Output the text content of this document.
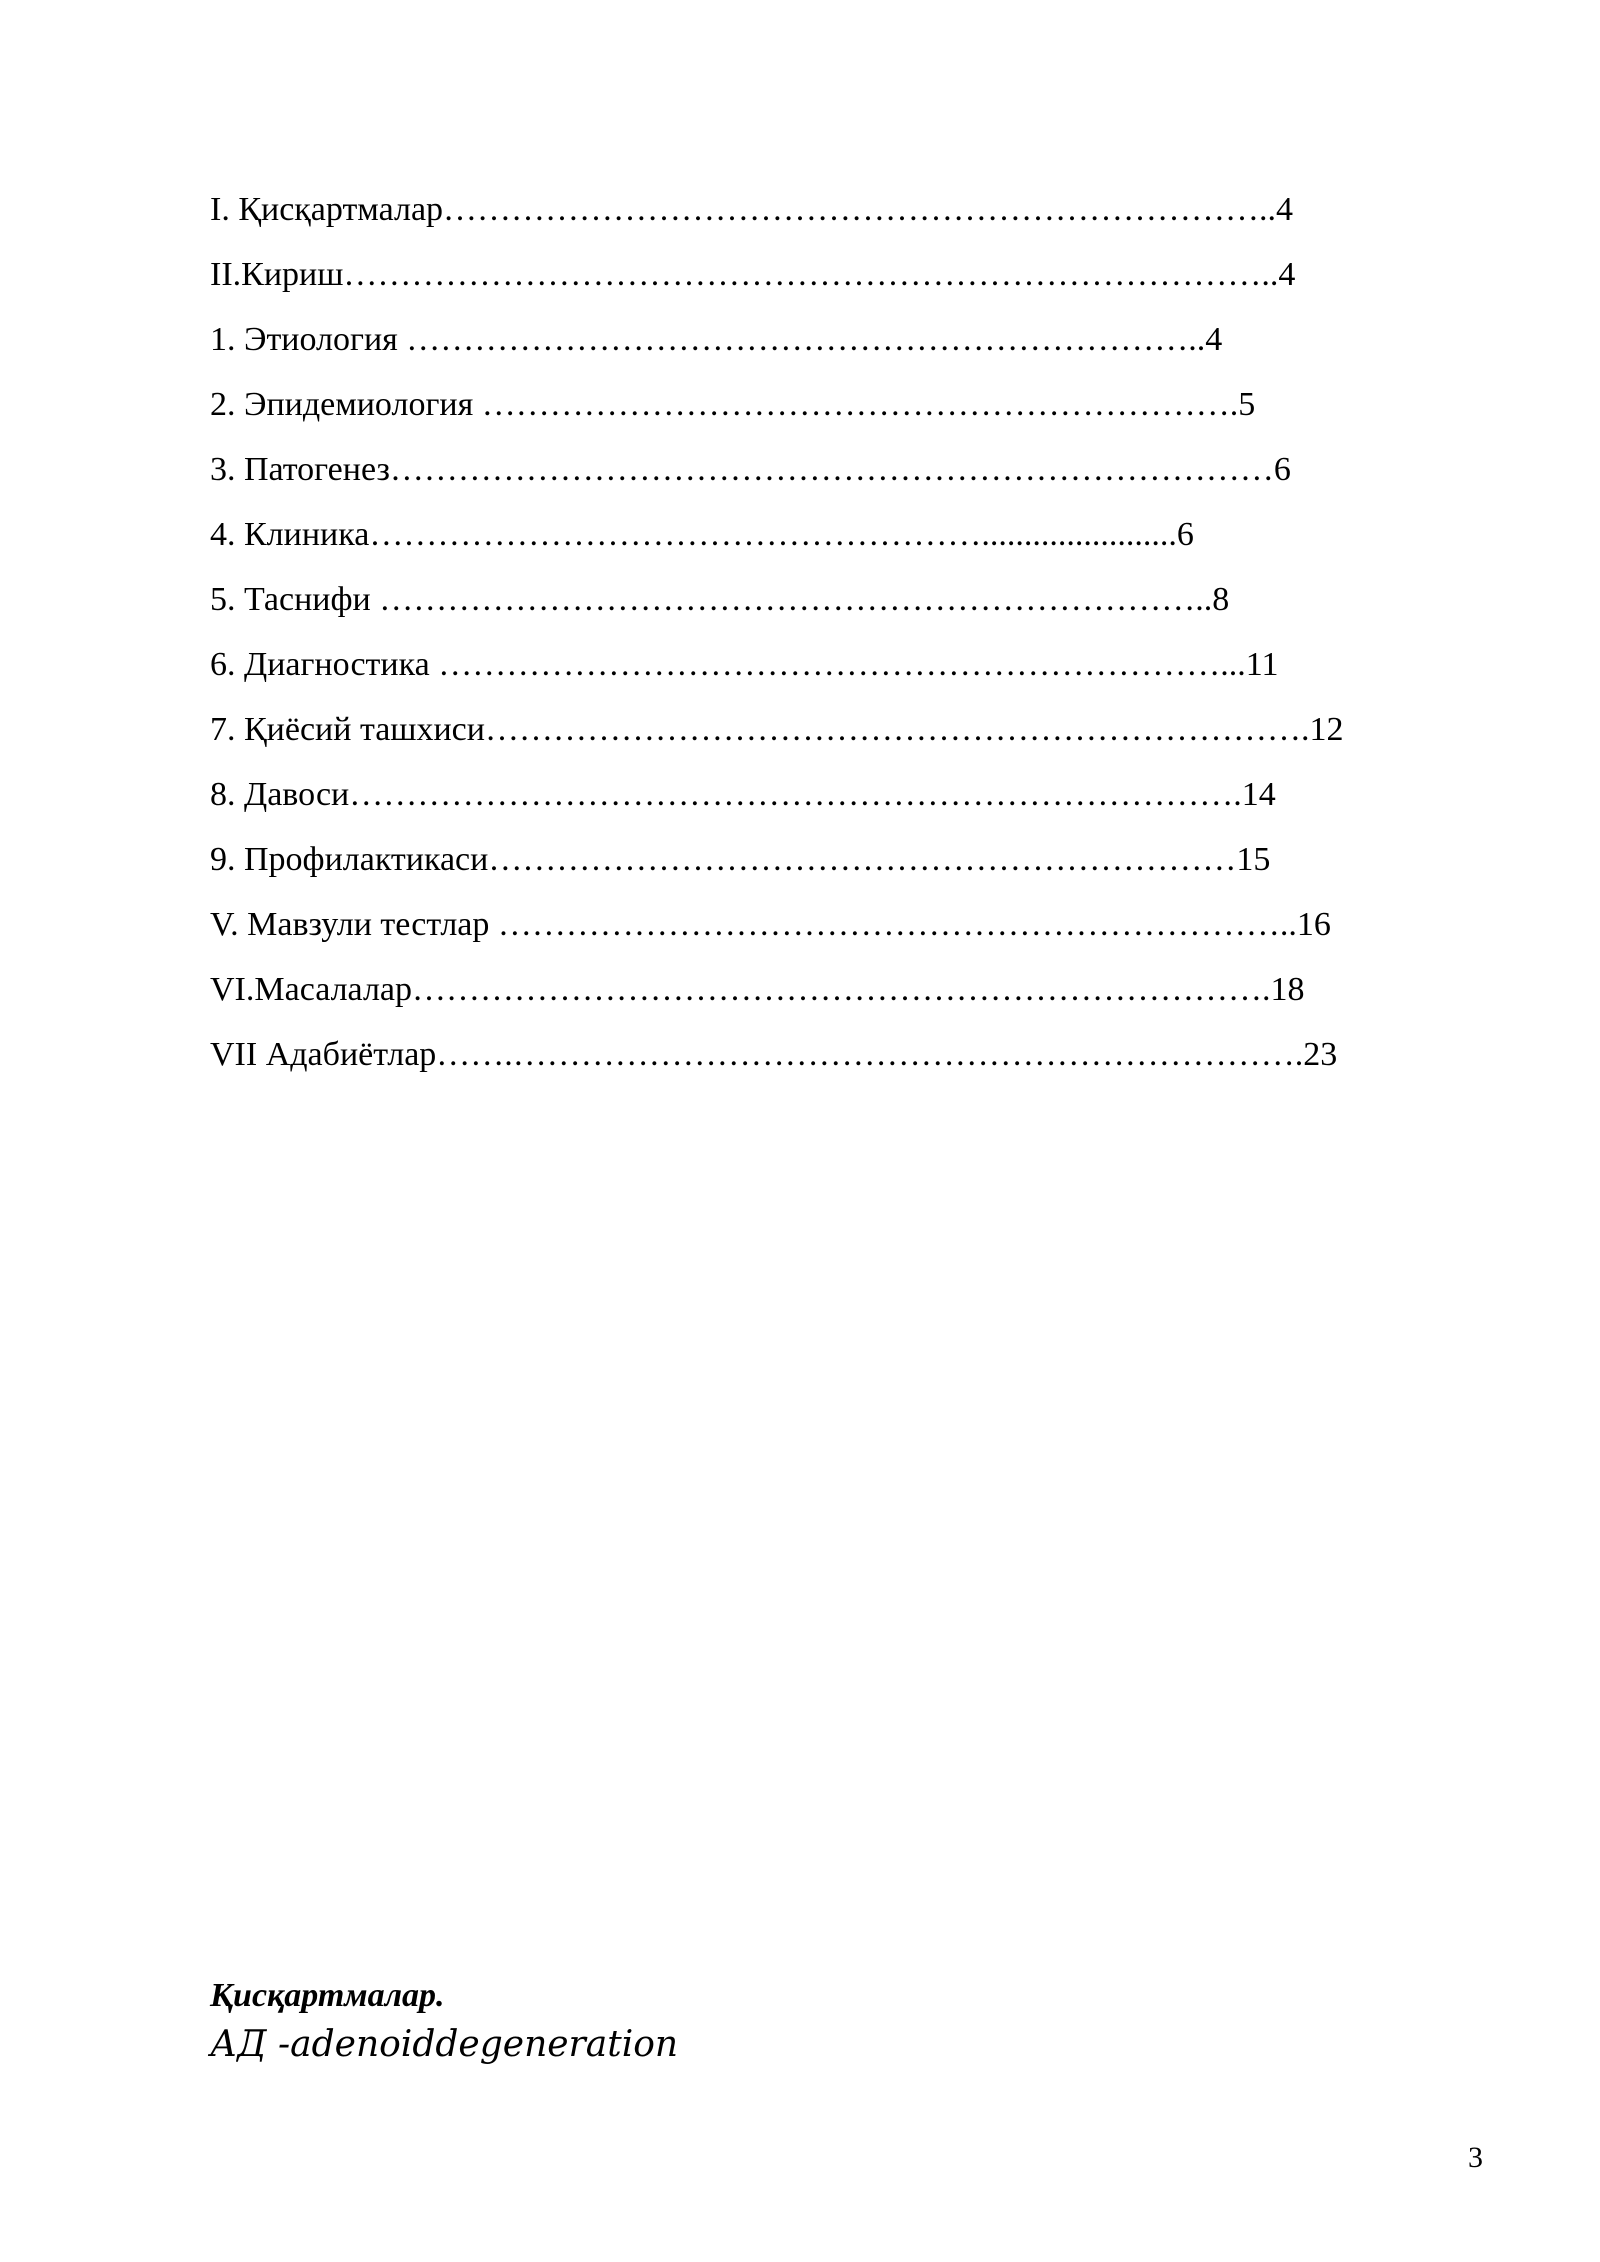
I. Қисқартмалар………………………………………………………………..4
II.Кириш………………………………………………………………………..4
1. Этиология ……………………………………………………………..4
2. Эпидемиология ………………………………………………………….5
3. Патогенез……………………………………………………………………6
4. Клиника……………………………………………….......................6
5. Таснифи ………………………………………………………………..8
6. Диагностика ……………………………………………………………...11
7. Қиёсий ташхиси……………………………………………………………….12
8. Давоси…………………………………………………………………….14
9. Профилактикаси…………………………………………………………15
V. Мавзули тестлар ……………………………………………………………..16
VI.Масалалар………………………………………………………………….18
VII Адабиётлар…….…………………………………………………………….23
Қисқартмалар.
АД -adenoiddegeneration
3
